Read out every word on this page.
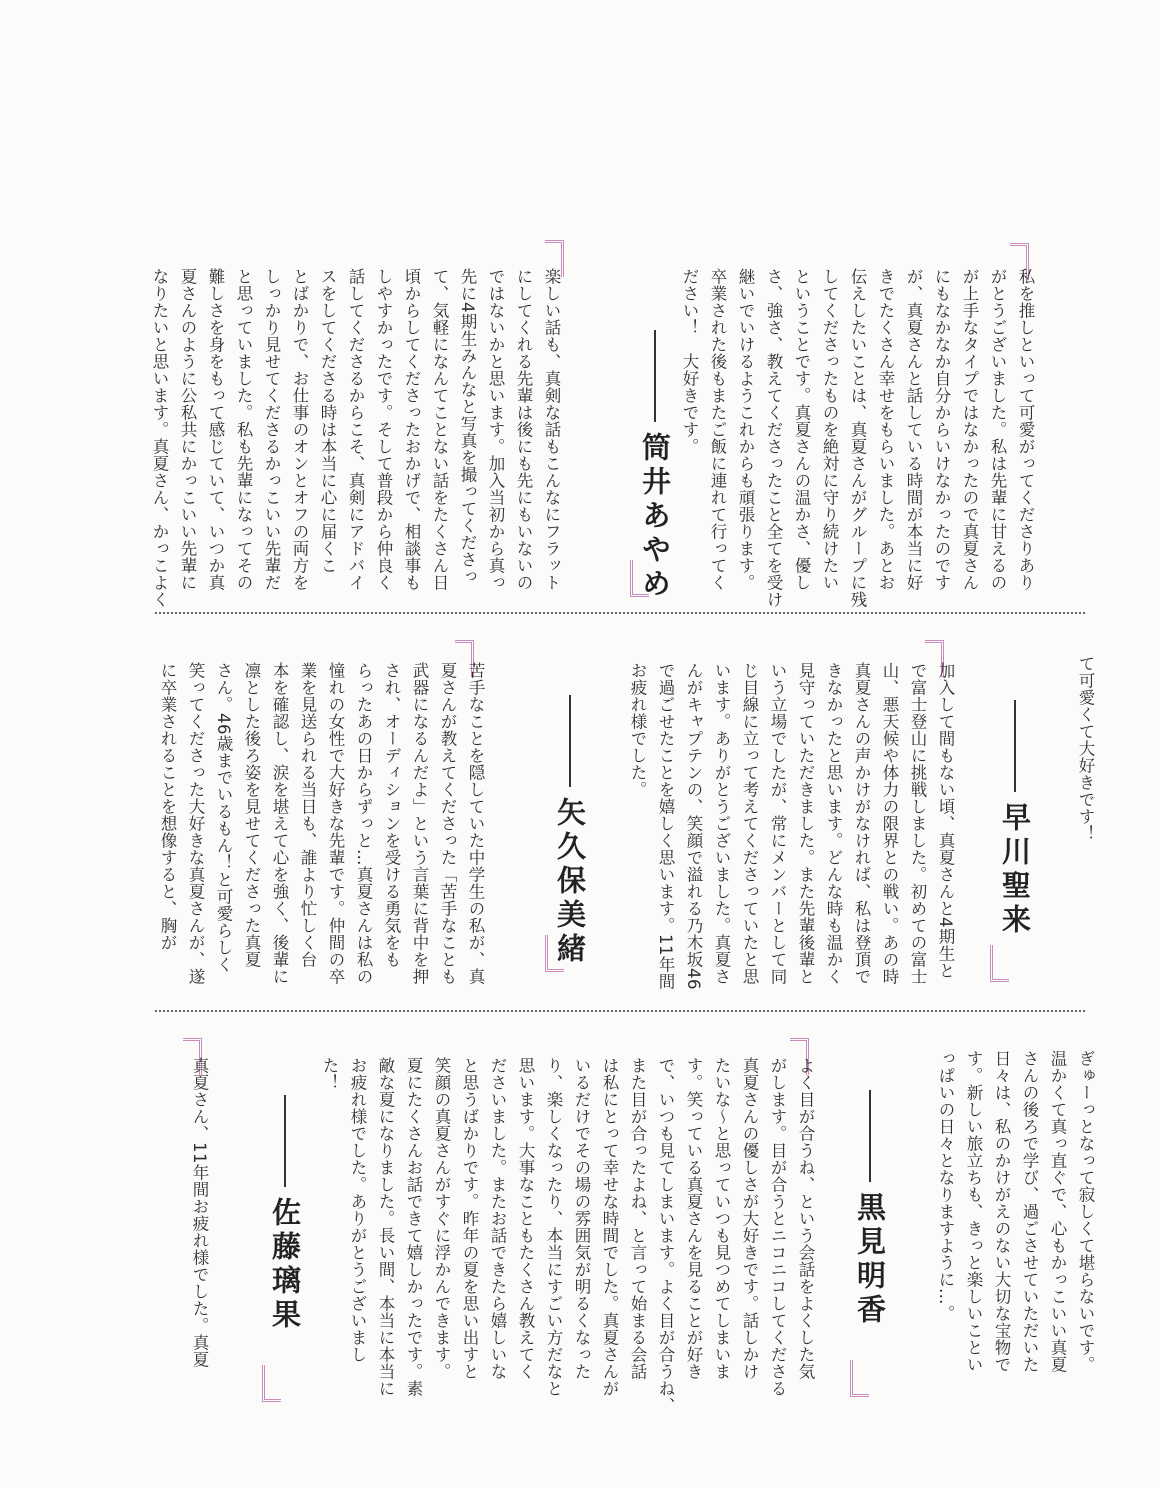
私を推しといって可愛がってくださりあり
がとうございました。私は先輩に甘えるの
が上手なタイプではなかったので真夏さん
にもなかなか自分からいけなかったのです
が、真夏さんと話している時間が本当に好
きでたくさん幸せをもらいました。あとお
伝えしたいことは、真夏さんがグループに残
してくださったものを絶対に守り続けたい
ということです。真夏さんの温かさ、優し
さ、強さ、教えてくださったこと全てを受け
継いでいけるようこれからも頑張ります。
卒業された後もまたご飯に連れて行ってく
ださい！　大好きです。
筒井あやめ
楽しい話も、真剣な話もこんなにフラット
にしてくれる先輩は後にも先にもいないの
ではないかと思います。加入当初から真っ
先に4期生みんなと写真を撮ってくださっ
て、気軽になんてことない話をたくさん日
頃からしてくださったおかげで、相談事も
しやすかったです。そして普段から仲良く
話してくださるからこそ、真剣にアドバイ
スをしてくださる時は本当に心に届くこ
とばかりで、お仕事のオンとオフの両方を
しっかり見せてくださるかっこいい先輩だ
と思っていました。私も先輩になってその
難しさを身をもって感じていて、いつか真
夏さんのように公私共にかっこいい先輩に
なりたいと思います。真夏さん、かっこよく
て可愛くて大好きです！
早川聖来
加入して間もない頃、真夏さんと4期生と
で富士登山に挑戦しました。初めての富士
山、悪天候や体力の限界との戦い。あの時
真夏さんの声かけがなければ、私は登頂で
きなかったと思います。どんな時も温かく
見守っていただきました。また先輩後輩と
いう立場でしたが、常にメンバーとして同
じ目線に立って考えてくださっていたと思
います。ありがとうございました。真夏さ
んがキャプテンの、笑顔で溢れる乃木坂46
で過ごせたことを嬉しく思います。11年間
お疲れ様でした。
矢久保美緒
苦手なことを隠していた中学生の私が、真
夏さんが教えてくださった「苦手なことも
武器になるんだよ」という言葉に背中を押
され、オーディションを受ける勇気をも
らったあの日からずっと…真夏さんは私の
憧れの女性で大好きな先輩です。仲間の卒
業を見送られる当日も、誰より忙しく台
本を確認し、涙を堪えて心を強く、後輩に
凛とした後ろ姿を見せてくださった真夏
さん。46歳までいるもん！と可愛らしく
笑ってくださった大好きな真夏さんが、遂
に卒業されることを想像すると、胸が
ぎゅーっとなって寂しくて堪らないです。
温かくて真っ直ぐで、心もかっこいい真夏
さんの後ろで学び、過ごさせていただいた
日々は、私のかけがえのない大切な宝物で
す。新しい旅立ちも、きっと楽しいことい
っぱいの日々となりますように…。
黒見明香
よく目が合うね、という会話をよくした気
がします。目が合うとニコニコしてくださる
真夏さんの優しさが大好きです。話しかけ
たいな〜と思っていつも見つめてしまいま
す。笑っている真夏さんを見ることが好き
で、いつも見てしまいます。よく目が合うね、
また目が合ったよね、と言って始まる会話
は私にとって幸せな時間でした。真夏さんが
いるだけでその場の雰囲気が明るくなった
り、楽しくなったり、本当にすごい方だなと
思います。大事なこともたくさん教えてく
ださいました。またお話できたら嬉しいな
と思うばかりです。昨年の夏を思い出すと
笑顔の真夏さんがすぐに浮かんできます。
夏にたくさんお話できて嬉しかったです。素
敵な夏になりました。長い間、本当に本当に
お疲れ様でした。ありがとうございまし
た！
佐藤璃果
真夏さん、11年間お疲れ様でした。真夏
